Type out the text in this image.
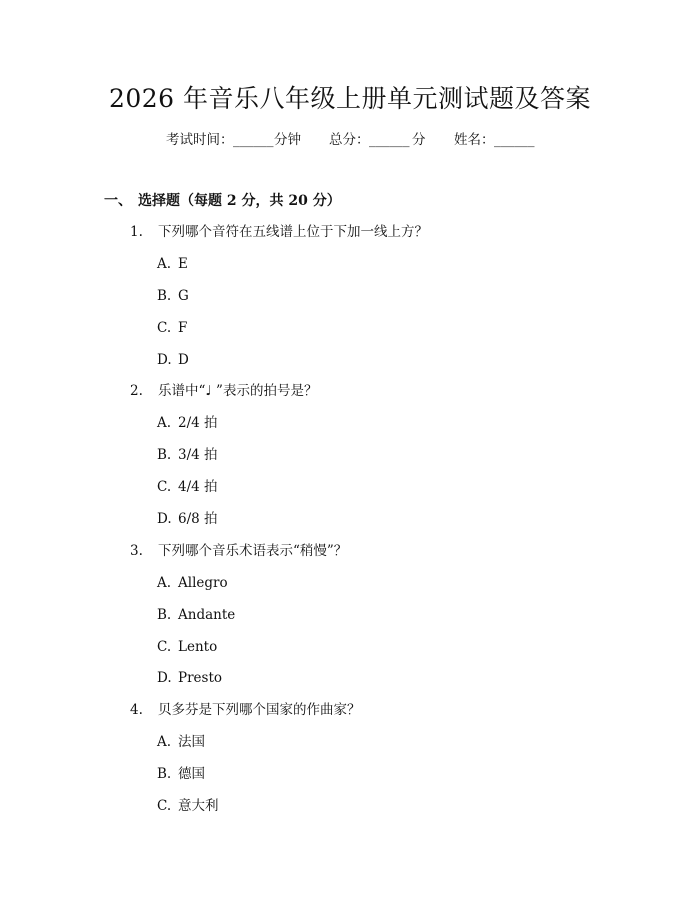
2026 年音乐八年级上册单元测试题及答案
考试时间： ______ 分钟 总分： ______ 分 姓名： ______
一、 选择题（每题 2 分，共 20 分）
1. 下列哪个音符在五线谱上位于下加一线上方？
A. E
B. G
C. F
D. D
2. 乐谱中“♩ ”表示的拍号是？
A. 2/4 拍
B. 3/4 拍
C. 4/4 拍
D. 6/8 拍
3. 下列哪个音乐术语表示“稍慢”？
A. Allegro
B. Andante
C. Lento
D. Presto
4. 贝多芬是下列哪个国家的作曲家？
A. 法国
B. 德国
C. 意大利
